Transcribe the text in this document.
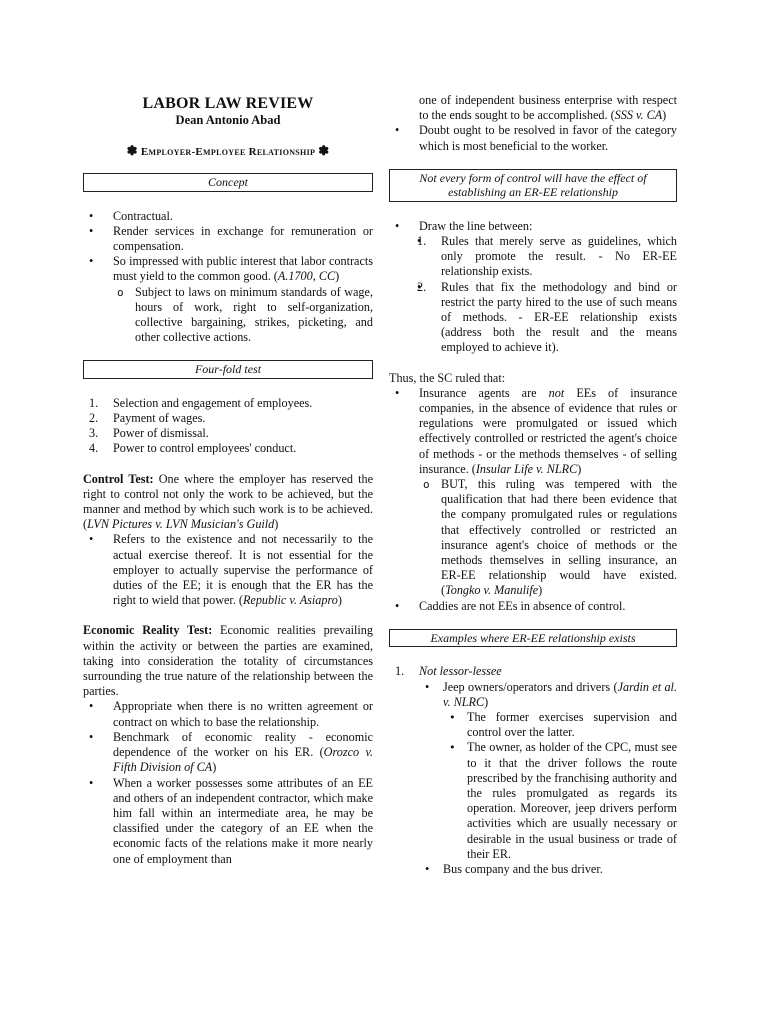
LABOR LAW REVIEW
Dean Antonio Abad
✽ Employer-Employee Relationship ✽
Concept
• Contractual.
• Render services in exchange for remuneration or compensation.
• So impressed with public interest that labor contracts must yield to the common good. (A.1700, CC)
o Subject to laws on minimum standards of wage, hours of work, right to self-organization, collective bargaining, strikes, picketing, and other collective actions.
Four-fold test
1. Selection and engagement of employees.
2. Payment of wages.
3. Power of dismissal.
4. Power to control employees' conduct.
Control Test: One where the employer has reserved the right to control not only the work to be achieved, but the manner and method by which such work is to be achieved. (LVN Pictures v. LVN Musician's Guild)
• Refers to the existence and not necessarily to the actual exercise thereof. It is not essential for the employer to actually supervise the performance of duties of the EE; it is enough that the ER has the right to wield that power. (Republic v. Asiapro)
Economic Reality Test: Economic realities prevailing within the activity or between the parties are examined, taking into consideration the totality of circumstances surrounding the true nature of the relationship between the parties.
• Appropriate when there is no written agreement or contract on which to base the relationship.
• Benchmark of economic reality - economic dependence of the worker on his ER. (Orozco v. Fifth Division of CA)
• When a worker possesses some attributes of an EE and others of an independent contractor, which make him fall within an intermediate area, he may be classified under the category of an EE when the economic facts of the relations make it more nearly one of employment than
one of independent business enterprise with respect to the ends sought to be accomplished. (SSS v. CA)
• Doubt ought to be resolved in favor of the category which is most beneficial to the worker.
Not every form of control will have the effect of establishing an ER-EE relationship
• Draw the line between:
• 1. Rules that merely serve as guidelines, which only promote the result. - No ER-EE relationship exists.
• 2. Rules that fix the methodology and bind or restrict the party hired to the use of such means of methods. - ER-EE relationship exists (address both the result and the means employed to achieve it).
Thus, the SC ruled that:
• Insurance agents are not EEs of insurance companies, in the absence of evidence that rules or regulations were promulgated or issued which effectively controlled or restricted the agent's choice of methods - or the methods themselves - of selling insurance. (Insular Life v. NLRC)
o BUT, this ruling was tempered with the qualification that had there been evidence that the company promulgated rules or regulations that effectively controlled or restricted an insurance agent's choice of methods or the methods themselves in selling insurance, an ER-EE relationship would have existed. (Tongko v. Manulife)
• Caddies are not EEs in absence of control.
Examples where ER-EE relationship exists
1. Not lessor-lessee
• Jeep owners/operators and drivers (Jardin et al. v. NLRC)
• The former exercises supervision and control over the latter.
• The owner, as holder of the CPC, must see to it that the driver follows the route prescribed by the franchising authority and the rules promulgated as regards its operation. Moreover, jeep drivers perform activities which are usually necessary or desirable in the usual business or trade of their ER.
• Bus company and the bus driver.
